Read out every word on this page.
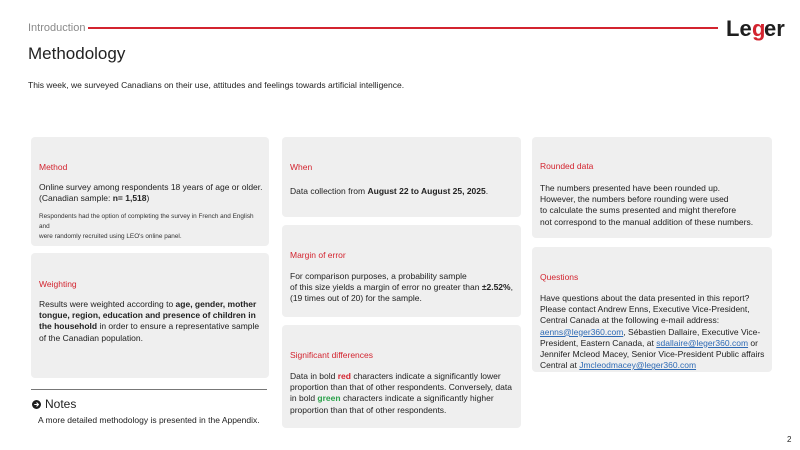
Introduction	Le g
er
Methodology
This week, we surveyed Canadians on their use, attitudes and feelings towards artificial intelligence.
Method
Online survey among respondents 18 years of age or older.
(Canadian sample: n= 1,518)
Respondents had the option of completing the survey in French and English and
were randomly recruited using LEO's online panel.
Weighting
Results were weighted according to age, gender, mother tongue, region, education and presence of children in the household in order to ensure a representative sample of the Canadian population.
When
Data collection from August 22 to August 25, 2025.
Margin of error
For comparison purposes, a probability sample
of this size yields a margin of error no greater than ±2.52%,
(19 times out of 20) for the sample.
Significant differences
Data in bold red characters indicate a significantly lower proportion than that of other respondents. Conversely, data in bold green characters indicate a significantly higher proportion than that of other respondents.
Rounded data
The numbers presented have been rounded up.
However, the numbers before rounding were used
to calculate the sums presented and might therefore
not correspond to the manual addition of these numbers.
Questions
Have questions about the data presented in this report? Please contact Andrew Enns, Executive Vice-President, Central Canada at the following e-mail address: aenns@leger360.com, Sébastien Dallaire, Executive Vice-President, Eastern Canada, at sdallaire@leger360.com or Jennifer Mcleod Macey, Senior Vice-President Public affairs Central at Jmcleodmacey@leger360.com
Notes
A more detailed methodology is presented in the Appendix.
2
